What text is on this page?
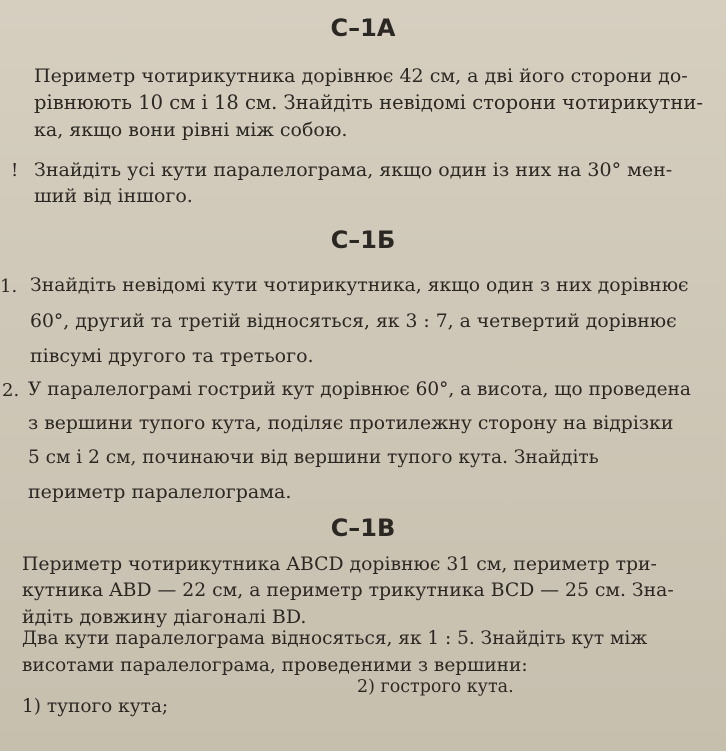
С–1А
Периметр чотирикутника дорівнює 42 см, а дві його сторони до-
рівнюють 10 см і 18 см. Знайдіть невідомі сторони чотирикутни-
ка, якщо вони рівні між собою.
! Знайдіть усі кути паралелограма, якщо один із них на 30° мен-
ший від іншого.
С–1Б
1. Знайдіть невідомі кути чотирикутника, якщо один з них дорівнює
60°, другий та третій відносяться, як 3 : 7, а четвертий дорівнює
півсумі другого та третього.
2. У паралелограмі гострий кут дорівнює 60°, а висота, що проведена
з вершини тупого кута, поділяє протилежну сторону на відрізки
5 см і 2 см, починаючи від вершини тупого кута. Знайдіть
периметр паралелограма.
С–1В
Периметр чотирикутника ABCD дорівнює 31 см, периметр три-
кутника ABD — 22 см, а периметр трикутника BCD — 25 см. Зна-
йдіть довжину діагоналі BD.
Два кути паралелограма відносяться, як 1 : 5. Знайдіть кут між
висотами паралелограма, проведеними з вершини:
2) гострого кута.
1) тупого кута;
